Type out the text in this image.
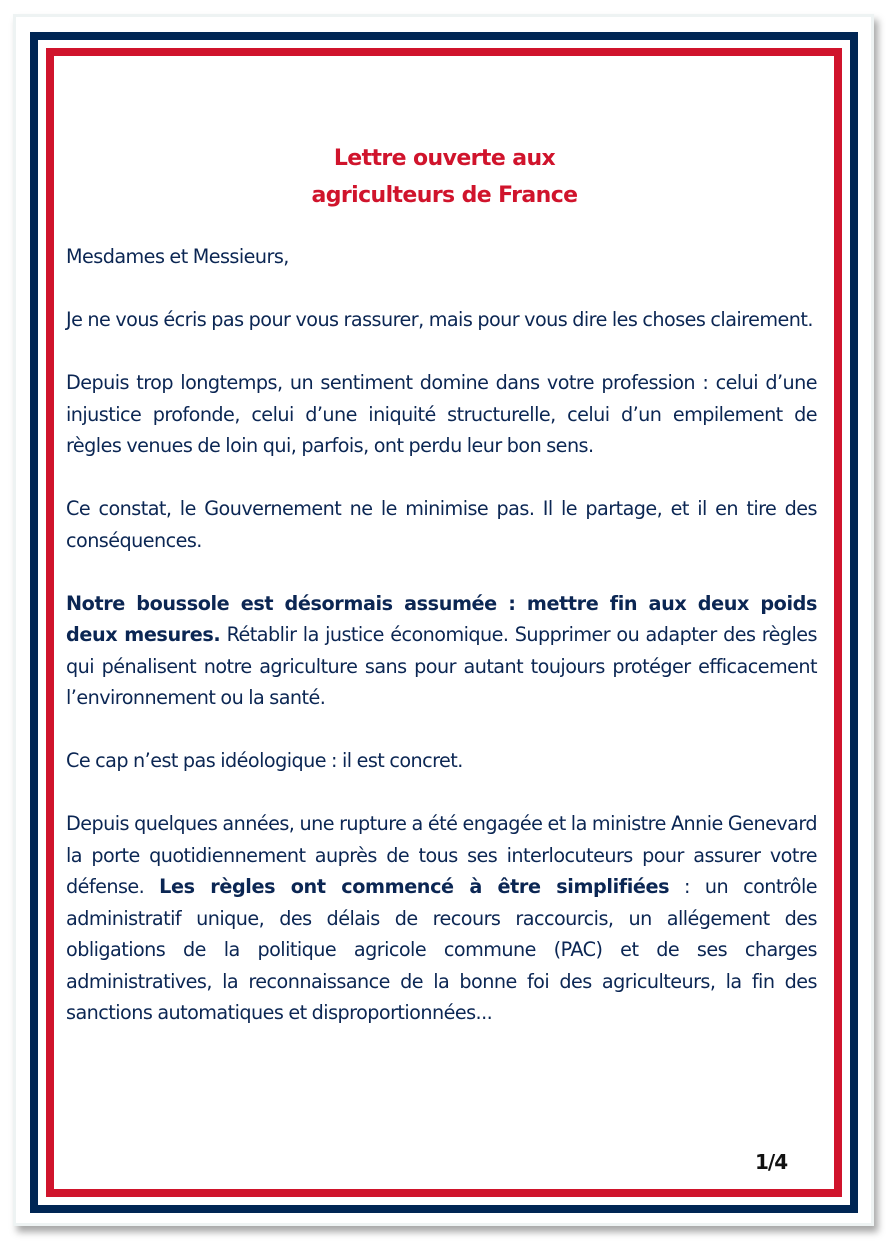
Lettre ouverte aux
agriculteurs de France

Mesdames et Messieurs,

Je ne vous écris pas pour vous rassurer, mais pour vous dire les choses clairement.

Depuis trop longtemps, un sentiment domine dans votre profession : celui d’une injustice profonde, celui d’une iniquité structurelle, celui d’un empilement de règles venues de loin qui, parfois, ont perdu leur bon sens.

Ce constat, le Gouvernement ne le minimise pas. Il le partage, et il en tire des conséquences.

Notre boussole est désormais assumée : mettre fin aux deux poids deux mesures. Rétablir la justice économique. Supprimer ou adapter des règles qui pénalisent notre agriculture sans pour autant toujours protéger efficacement l’environnement ou la santé.

Ce cap n’est pas idéologique : il est concret.

Depuis quelques années, une rupture a été engagée et la ministre Annie Genevard la porte quotidiennement auprès de tous ses interlocuteurs pour assurer votre défense. Les règles ont commencé à être simplifiées : un contrôle administratif unique, des délais de recours raccourcis, un allégement des obligations de la politique agricole commune (PAC) et de ses charges administratives, la reconnaissance de la bonne foi des agriculteurs, la fin des sanctions automatiques et disproportionnées...

1/4
